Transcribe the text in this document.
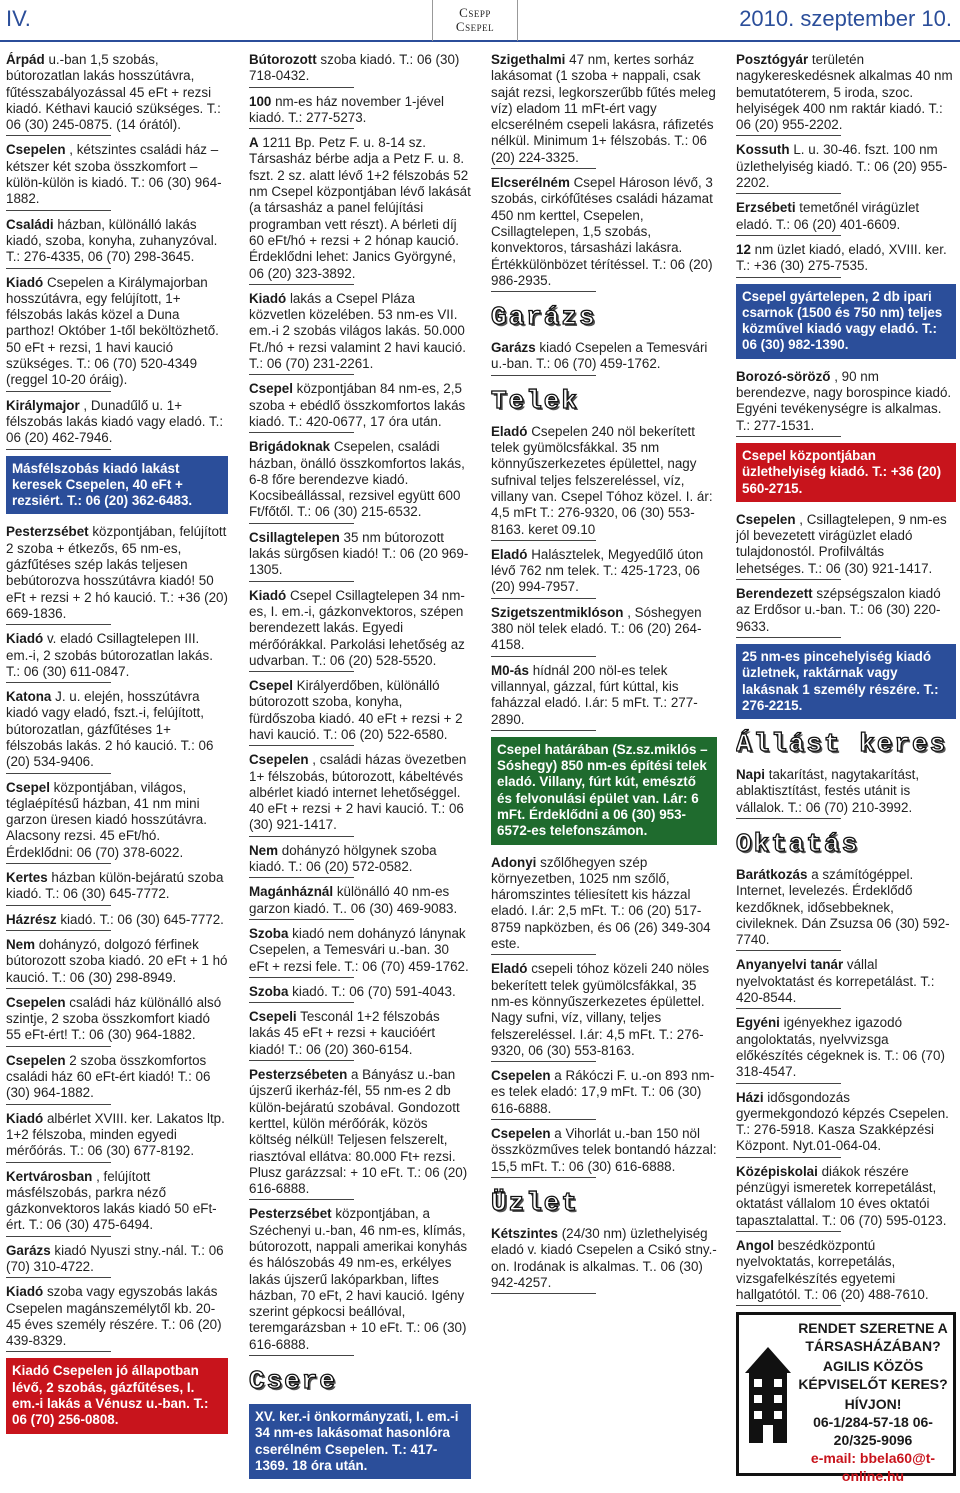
IV.	Csepp
Csepel	2010. szeptember 10.
Árpád u.-ban 1,5 szobás, bútorozatlan lakás hosszútávra, fűtésszabályozással 45 eFt + rezsi kiadó. Kéthavi kaució szükséges. T.: 06 (30) 245-0875. (14 órától).
Csepelen , kétszintes családi ház – kétszer két szoba összkomfort – külön-külön is kiadó. T.: 06 (30) 964-1882.
Családi házban, különálló lakás kiadó, szoba, konyha, zuhanyzóval. T.: 276-4335, 06 (70) 298-3645.
Kiadó Csepelen a Királymajorban hosszútávra, egy felújított, 1+ félszobás lakás közel a Duna parthoz! Október 1-től beköltözhető. 50 eFt + rezsi, 1 havi kaució szükséges. T.: 06 (70) 520-4349 (reggel 10-20 óráig).
Királymajor , Dunadűlő u. 1+ félszobás lakás kiadó vagy eladó. T.: 06 (20) 462-7946.
Másfélszobás kiadó lakást keresek Csepelen, 40 eFt + rezsiért. T.: 06 (20) 362-6483.
Pesterzsébet központjában, felújított 2 szoba + étkezős, 65 nm-es, gázfűtéses szép lakás teljesen bebútorozva hosszútávra kiadó! 50 eFt + rezsi + 2 hó kaució. T.: +36 (20) 669-1836.
Kiadó v. eladó Csillagtelepen III. em.-i, 2 szobás bútorozatlan lakás. T.: 06 (30) 611-0847.
Katona J. u. elején, hosszútávra kiadó vagy eladó, fszt.-i, felújított, bútorozatlan, gázfűtéses 1+ félszobás lakás. 2 hó kaució. T.: 06 (20) 534-9406.
Csepel központjában, világos, téglaépítésű házban, 41 nm mini garzon üresen kiadó hosszútávra. Alacsony rezsi. 45 eFt/hó. Érdeklődni: 06 (70) 378-6022.
Kertes házban külön-bejáratú szoba kiadó. T.: 06 (30) 645-7772.
Házrész kiadó. T.: 06 (30) 645-7772.
Nem dohányzó, dolgozó férfinek bútorozott szoba kiadó. 20 eFt + 1 hó kaució. T.: 06 (30) 298-8949.
Csepelen családi ház különálló alsó szintje, 2 szoba összkomfort kiadó 55 eFt-ért! T.: 06 (30) 964-1882.
Csepelen 2 szoba összkomfortos családi ház 60 eFt-ért kiadó! T.: 06 (30) 964-1882.
Kiadó albérlet XVIII. ker. Lakatos ltp. 1+2 félszoba, minden egyedi mérőórás. T.: 06 (30) 677-8192.
Kertvárosban , felújított másfélszobás, parkra néző gázkonvektoros lakás kiadó 50 eFt-ért. T.: 06 (30) 475-6494.
Garázs kiadó Nyuszi stny.-nál. T.: 06 (70) 310-4722.
Kiadó szoba vagy egyszobás lakás Csepelen magánszemélytől kb. 20-45 éves személy részére. T.: 06 (20) 439-8329.
Kiadó Csepelen jó állapotban lévő, 2 szobás, gázfűtéses, I. em.-i lakás a Vénusz u.-ban. T.: 06 (70) 256-0808.
Bútorozott szoba kiadó. T.: 06 (30) 718-0432.
100 nm-es ház november 1-jével kiadó. T.: 277-5273.
A 1211 Bp. Petz F. u. 8-14 sz. Társasház bérbe adja a Petz F. u. 8. fszt. 2 sz. alatt lévő 1+2 félszobás 52 nm Csepel központjában lévő lakását (a társasház a panel felújítási programban vett részt). A bérleti díj 60 eFt/hó + rezsi + 2 hónap kaució. Érdeklődni lehet: Janics Györgyné, 06 (20) 323-3892.
Kiadó lakás a Csepel Pláza közvetlen közelében. 53 nm-es VII. em.-i 2 szobás világos lakás. 50.000 Ft./hó + rezsi valamint 2 havi kaució. T.: 06 (70) 231-2261.
Csepel központjában 84 nm-es, 2,5 szoba + ebédlő összkomfortos lakás kiadó. T.: 420-0677, 17 óra után.
Brigádoknak Csepelen, családi házban, önálló összkomfortos lakás, 6-8 főre berendezve kiadó. Kocsibeállással, rezsivel együtt 600 Ft/főtől. T.: 06 (30) 215-6532.
Csillagtelepen 35 nm bútorozott lakás sürgősen kiadó! T.: 06 (20 969-1305.
Kiadó Csepel Csillagtelepen 34 nm-es, I. em.-i, gázkonvektoros, szépen berendezett lakás. Egyedi mérőórákkal. Parkolási lehetőség az udvarban. T.: 06 (20) 528-5520.
Csepel Királyerdőben, különálló bútorozott szoba, konyha, fürdőszoba kiadó. 40 eFt + rezsi + 2 havi kaució. T.: 06 (20) 522-6580.
Csepelen , családi házas övezetben 1+ félszobás, bútorozott, kábeltévés albérlet kiadó internet lehetőséggel. 40 eFt + rezsi + 2 havi kaució. T.: 06 (30) 921-1417.
Nem dohányzó hölgynek szoba kiadó. T.: 06 (20) 572-0582.
Magánháznál különálló 40 nm-es garzon kiadó. T.. 06 (30) 469-9083.
Szoba kiadó nem dohányzó lánynak Csepelen, a Temesvári u.-ban. 30 eFt + rezsi fele. T.: 06 (70) 459-1762.
Szoba kiadó. T.: 06 (70) 591-4043.
Csepeli Tesconál 1+2 félszobás lakás 45 eFt + rezsi + kaucióért kiadó! T.: 06 (20) 360-6154.
Pesterzsébeten a Bányász u.-ban újszerű ikerház-fél, 55 nm-es 2 db külön-bejáratú szobával. Gondozott kerttel, külön mérőórák, közös költség nélkül! Teljesen felszerelt, riasztóval ellátva: 80.000 Ft+ rezsi. Plusz garázzsal: + 10 eFt. T.: 06 (20) 616-6888.
Pesterzsébet központjában, a Széchenyi u.-ban, 46 nm-es, klímás, bútorozott, nappali amerikai konyhás és hálószobás 49 nm-es, erkélyes lakás újszerű lakóparkban, liftes házban, 70 eFt, 2 havi kaució. Igény szerint gépkocsi beállóval, teremgarázsban + 10 eFt. T.: 06 (30) 616-6888.
Csere
XV. ker.-i önkormányzati, I. em.-i 34 nm-es lakásomat hasonlóra cserélném Csepelen. T.: 417-1369. 18 óra után.
Szigethalmi 47 nm, kertes sorház lakásomat (1 szoba + nappali, csak saját rezsi, legkorszerűbb fűtés meleg víz) eladom 11 mFt-ért vagy elcserélném csepeli lakásra, ráfizetés nélkül. Minimum 1+ félszobás. T.: 06 (20) 224-3325.
Elcserélném Csepel Hároson lévő, 3 szobás, cirkófűtéses családi házamat 450 nm kerttel, Csepelen, Csillagtelepen, 1,5 szobás, konvektoros, társasházi lakásra. Értékkülönbözet térítéssel. T.: 06 (20) 986-2935.
Garázs
Garázs kiadó Csepelen a Temesvári u.-ban. T.: 06 (70) 459-1762.
Telek
Eladó Csepelen 240 nöl bekerített telek gyümölcsfákkal. 35 nm könnyűszerkezetes épülettel, nagy sufnival teljes felszereléssel, víz, villany van. Csepel Tóhoz közel. I. ár: 4,5 mFt T.: 276-9320, 06 (30) 553-8163. keret 09.10
Eladó Halásztelek, Megyedűlő úton lévő 762 nm telek. T.: 425-1723, 06 (20) 994-7957.
Szigetszentmiklóson , Sóshegyen 380 nöl telek eladó. T.: 06 (20) 264-4158.
M0-ás hídnál 200 nöl-es telek villannyal, gázzal, fúrt kúttal, kis faházzal eladó. I.ár: 5 mFt. T.: 277-2890.
Csepel határában (Sz.sz.miklós – Sóshegy) 850 nm-es építési telek eladó. Villany, fúrt kút, emésztő és felvonulási épület van. I.ár: 6 mFt. Érdeklődni a 06 (30) 953-6572-es telefonszámon.
Adonyi szőlőhegyen szép környezetben, 1025 nm szőlő, háromszintes téliesített kis házzal eladó. I.ár: 2,5 mFt. T.: 06 (20) 517-8759 napközben, és 06 (26) 349-304 este.
Eladó csepeli tóhoz közeli 240 nöles bekerített telek gyümölcsfákkal, 35 nm-es könnyűszerkezetes épülettel. Nagy sufni, víz, villany, teljes felszereléssel. I.ár: 4,5 mFt. T.: 276-9320, 06 (30) 553-8163.
Csepelen a Rákóczi F. u.-on 893 nm-es telek eladó: 17,9 mFt. T.: 06 (30) 616-6888.
Csepelen a Vihorlát u.-ban 150 nöl összközműves telek bontandó házzal: 15,5 mFt. T.: 06 (30) 616-6888.
Üzlet
Kétszintes (24/30 nm) üzlethelyiség eladó v. kiadó Csepelen a Csikó stny.-on. Irodának is alkalmas. T.. 06 (30) 942-4257.
Posztógyár területén nagykereskedésnek alkalmas 40 nm bemutatóterem, 5 iroda, szoc. helyiségek 400 nm raktár kiadó. T.: 06 (20) 955-2202.
Kossuth L. u. 30-46. fszt. 100 nm üzlethelyiség kiadó. T.: 06 (20) 955-2202.
Erzsébeti temetőnél virágüzlet eladó. T.: 06 (20) 401-6609.
12 nm üzlet kiadó, eladó, XVIII. ker. T.: +36 (30) 275-7535.
Csepel gyártelepen, 2 db ipari csarnok (1500 és 750 nm) teljes közművel kiadó vagy eladó. T.: 06 (30) 982-1390.
Borozó-söröző , 90 nm berendezve, nagy borospince kiadó. Egyéni tevékenységre is alkalmas. T.: 277-1531.
Csepel központjában üzlethelyiség kiadó. T.: +36 (20) 560-2715.
Csepelen , Csillagtelepen, 9 nm-es jól bevezetett virágüzlet eladó tulajdonostól. Profilváltás lehetséges. T.: 06 (30) 921-1417.
Berendezett szépségszalon kiadó az Erdősor u.-ban. T.: 06 (30) 220-9633.
25 nm-es pincehelyiség kiadó üzletnek, raktárnak vagy lakásnak 1 személy részére. T.: 276-2215.
Állást keres
Napi takarítást, nagytakarítást, ablaktisztítást, festés utánit is vállalok. T.: 06 (70) 210-3992.
Oktatás
Barátkozás a számítógéppel. Internet, levelezés. Érdeklődő kezdőknek, idősebbeknek, civileknek. Dán Zsuzsa 06 (30) 592-7740.
Anyanyelvi tanár vállal nyelvoktatást és korrepetálást. T.: 420-8544.
Egyéni igényekhez igazodó angoloktatás, nyelvvizsga előkészítés cégeknek is. T.: 06 (70) 318-4547.
Házi idősgondozás gyermekgondozó képzés Csepelen. T.: 276-5918. Kasza Szakképzési Központ. Nyt.01-064-04.
Középiskolai diákok részére pénzügyi ismeretek korrepetálást, oktatást vállalom 10 éves oktatói tapasztalattal. T.: 06 (70) 595-0123.
Angol beszédközpontú nyelvoktatás, korrepetálás, vizsgafelkészítés egyetemi hallgatótól. T.: 06 (20) 488-7610.
RENDET SZERETNE A TÁRSASHÁZÁBAN?
AGILIS KÖZÖS KÉPVISELŐT KERES?
HÍVJON!
06-1/284-57-18 06-20/325-9096
e-mail: bbela60@t-online.hu
